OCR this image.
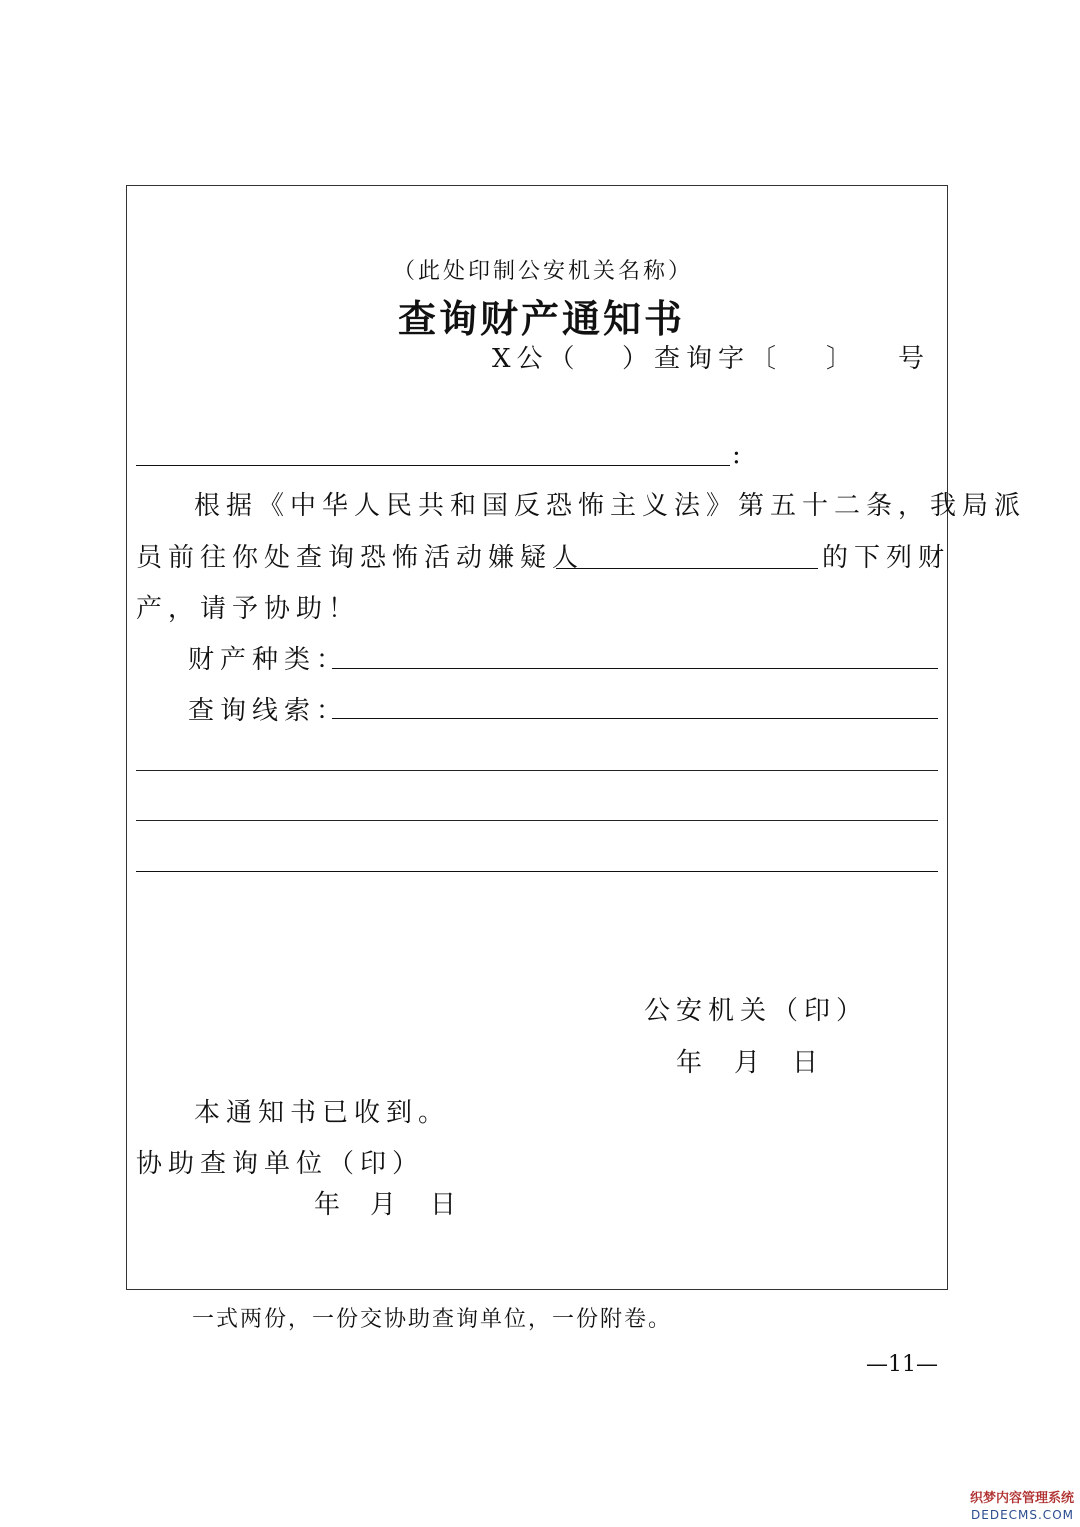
（此处印制公安机关名称）
查询财产通知书
X公（ ）查询字〔 〕 号
:
根据《中华人民共和国反恐怖主义法》第五十二条，我局派
员前往你处查询恐怖活动嫌疑人	的下列财
产，请予协助！
财产种类：
查询线索：
公安机关（印）
年 月 日
本通知书已收到。
协助查询单位（印）
年 月 日
一式两份，一份交协助查询单位，一份附卷。
—11—
织梦内容管理系统
DEDECMS.COM
